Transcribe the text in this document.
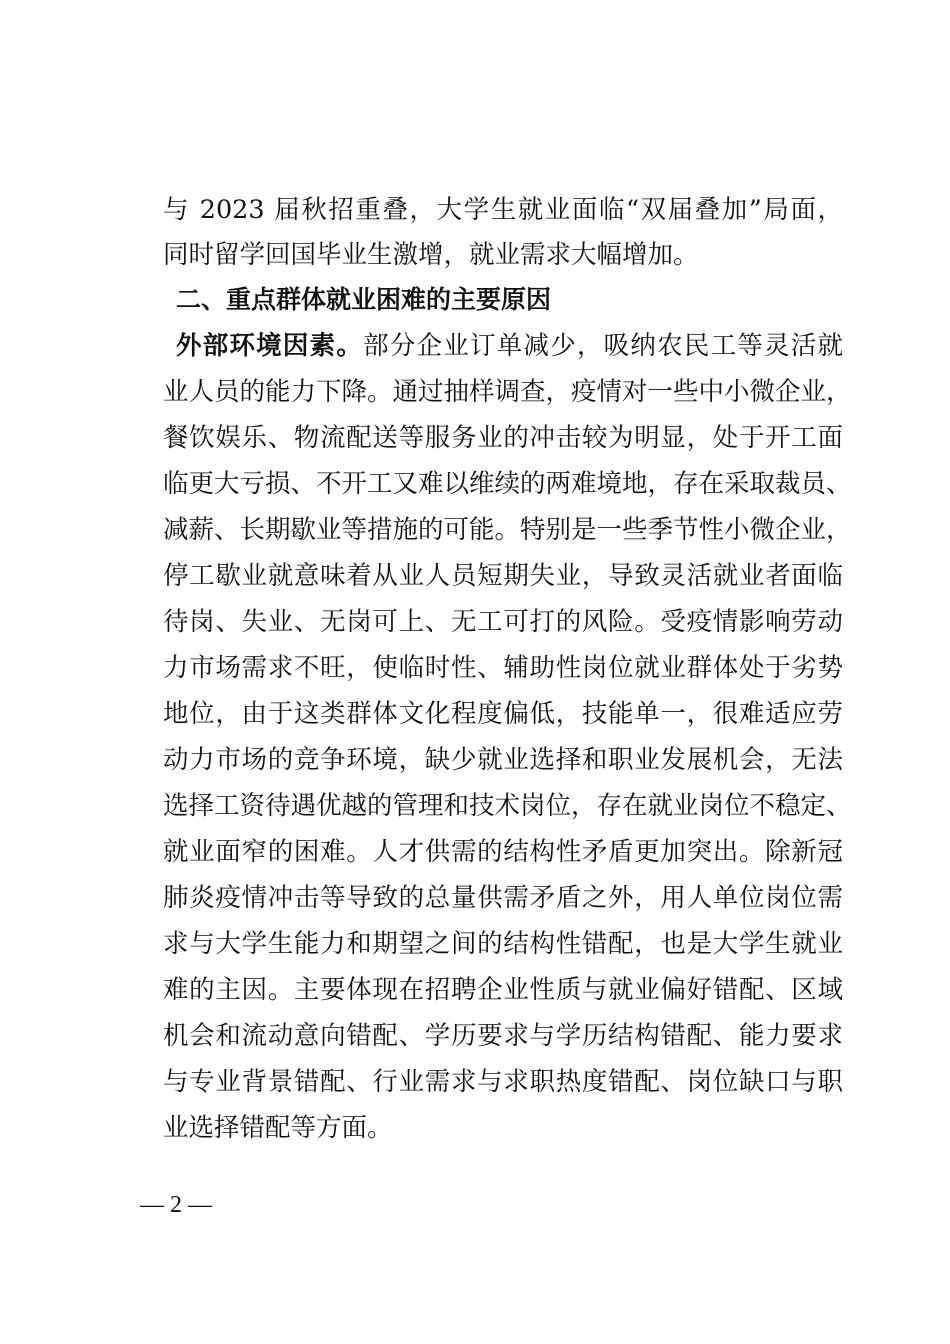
与 2023 届秋招重叠，大学生就业面临“双届叠加”局面，
同时留学回国毕业生激增，就业需求大幅增加。
二、重点群体就业困难的主要原因
外部环境因素。部分企业订单减少，吸纳农民工等灵活就
业人员的能力下降。通过抽样调查，疫情对一些中小微企业，
餐饮娱乐、物流配送等服务业的冲击较为明显，处于开工面
临更大亏损、不开工又难以维续的两难境地，存在采取裁员、
减薪、长期歇业等措施的可能。特别是一些季节性小微企业，
停工歇业就意味着从业人员短期失业，导致灵活就业者面临
待岗、失业、无岗可上、无工可打的风险。受疫情影响劳动
力市场需求不旺，使临时性、辅助性岗位就业群体处于劣势
地位，由于这类群体文化程度偏低，技能单一，很难适应劳
动力市场的竞争环境，缺少就业选择和职业发展机会，无法
选择工资待遇优越的管理和技术岗位，存在就业岗位不稳定、
就业面窄的困难。人才供需的结构性矛盾更加突出。除新冠
肺炎疫情冲击等导致的总量供需矛盾之外，用人单位岗位需
求与大学生能力和期望之间的结构性错配，也是大学生就业
难的主因。主要体现在招聘企业性质与就业偏好错配、区域
机会和流动意向错配、学历要求与学历结构错配、能力要求
与专业背景错配、行业需求与求职热度错配、岗位缺口与职
业选择错配等方面。
— 2 —
